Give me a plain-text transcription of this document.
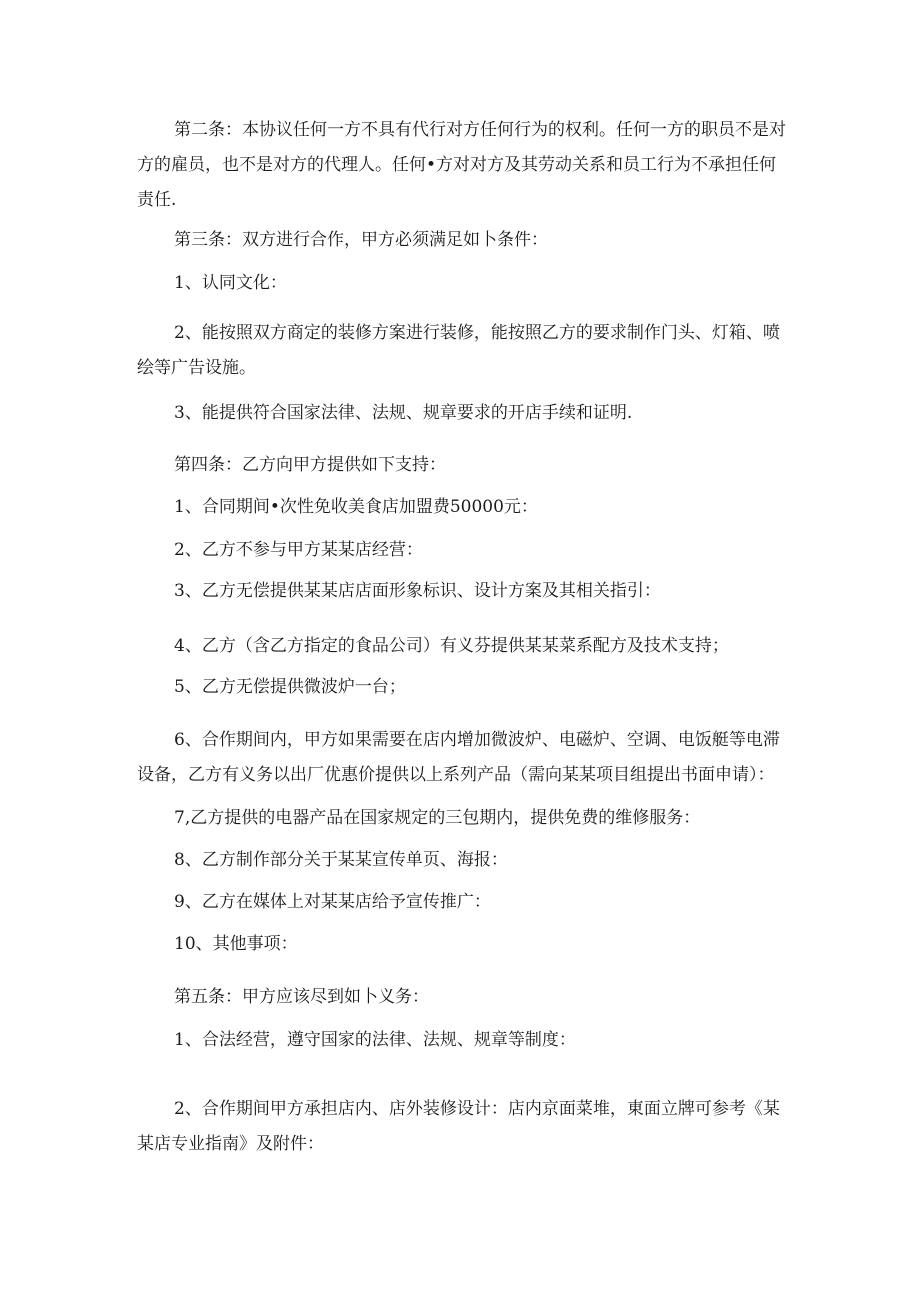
第二条：本协议任何一方不具有代行对方任何行为的权利。任何一方的职员不是对方的雇员，也不是对方的代理人。任何•方对对方及其劳动关系和员工行为不承担任何责任.

第三条：双方进行合作，甲方必须满足如卜条件：

1、认同文化：

2、能按照双方商定的装修方案进行装修，能按照乙方的要求制作门头、灯箱、喷绘等广告设施。

3、能提供符合国家法律、法规、规章要求的开店手续和证明.

第四条：乙方向甲方提供如下支持：

1、合同期间•次性免收美食店加盟费50000元：

2、乙方不参与甲方某某店经营：

3、乙方无偿提供某某店店面形象标识、设计方案及其相关指引：

4、乙方（含乙方指定的食品公司）有义芬提供某某菜系配方及技术支持；

5、乙方无偿提供微波炉一台；

6、合作期间内，甲方如果需要在店内增加微波炉、电磁炉、空调、电饭艇等电滞设备，乙方有义务以出厂优惠价提供以上系列产品（需向某某项目组提出书面申请）：

7,乙方提供的电器产品在国家规定的三包期内，提供免费的维修服务：

8、乙方制作部分关于某某宣传单页、海报：

9、乙方在媒体上对某某店给予宣传推广：

10、其他事项：

第五条：甲方应该尽到如卜义务：

1、合法经营，遵守国家的法律、法规、规章等制度：

2、合作期间甲方承担店内、店外装修设计：店内京面菜堆，東面立牌可参考《某某店专业指南》及附件：
